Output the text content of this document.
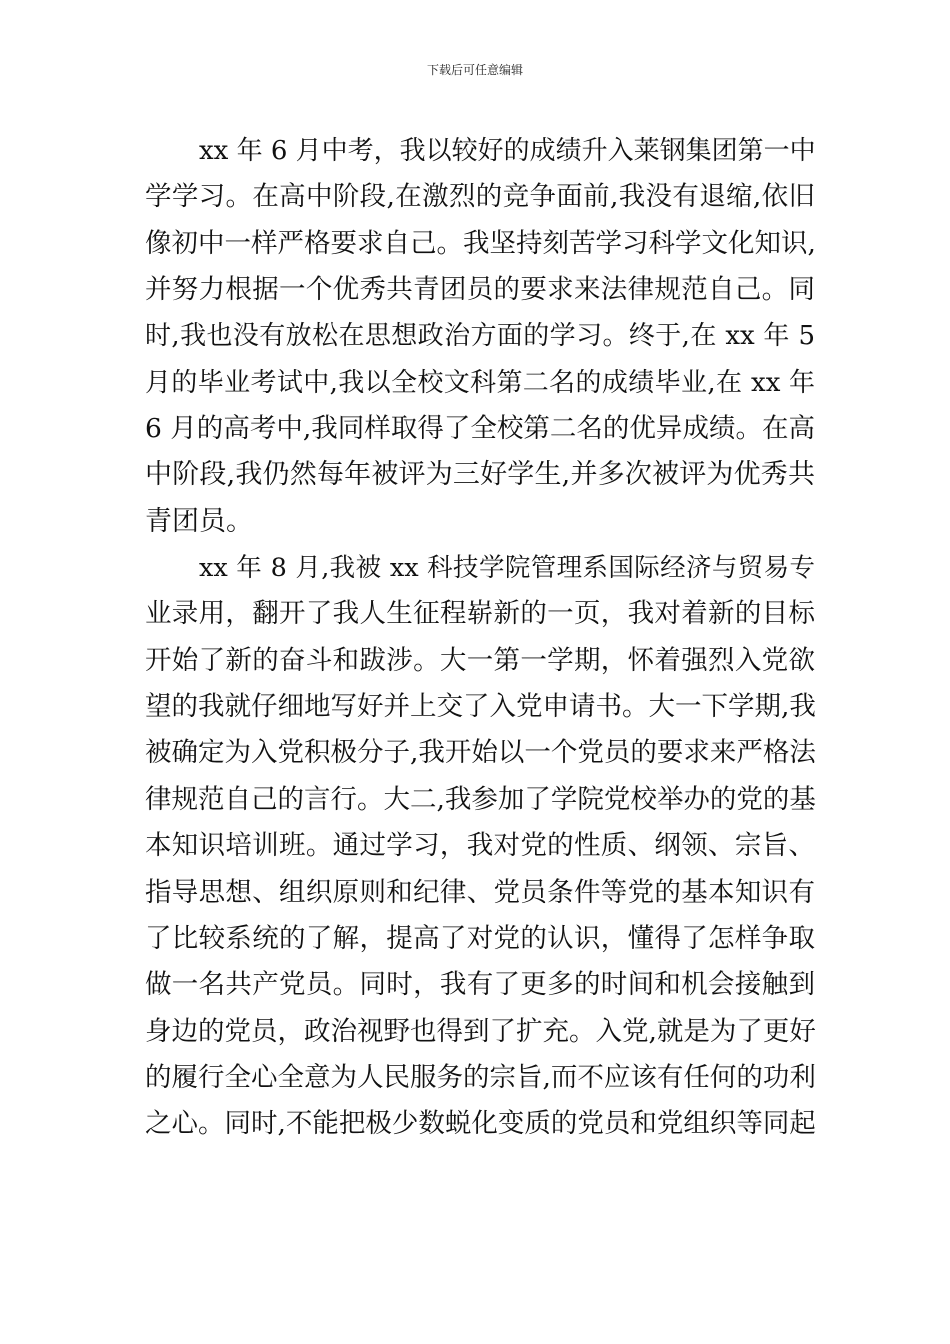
下载后可任意编辑
xx 年 6 月中考，我以较好的成绩升入莱钢集团第一中
学学习。在高中阶段,在激烈的竞争面前,我没有退缩,依旧
像初中一样严格要求自己。我坚持刻苦学习科学文化知识,
并努力根据一个优秀共青团员的要求来法律规范自己。同
时,我也没有放松在思想政治方面的学习。终于,在 xx 年 5
月的毕业考试中,我以全校文科第二名的成绩毕业,在 xx 年
6 月的高考中,我同样取得了全校第二名的优异成绩。在高
中阶段,我仍然每年被评为三好学生,并多次被评为优秀共
青团员。
xx 年 8 月,我被 xx 科技学院管理系国际经济与贸易专
业录用，翻开了我人生征程崭新的一页，我对着新的目标
开始了新的奋斗和跋涉。大一第一学期，怀着强烈入党欲
望的我就仔细地写好并上交了入党申请书。大一下学期,我
被确定为入党积极分子,我开始以一个党员的要求来严格法
律规范自己的言行。大二,我参加了学院党校举办的党的基
本知识培训班。通过学习，我对党的性质、纲领、宗旨、
指导思想、组织原则和纪律、党员条件等党的基本知识有
了比较系统的了解，提高了对党的认识，懂得了怎样争取
做一名共产党员。同时，我有了更多的时间和机会接触到
身边的党员，政治视野也得到了扩充。入党,就是为了更好
的履行全心全意为人民服务的宗旨,而不应该有任何的功利
之心。同时,不能把极少数蜕化变质的党员和党组织等同起
